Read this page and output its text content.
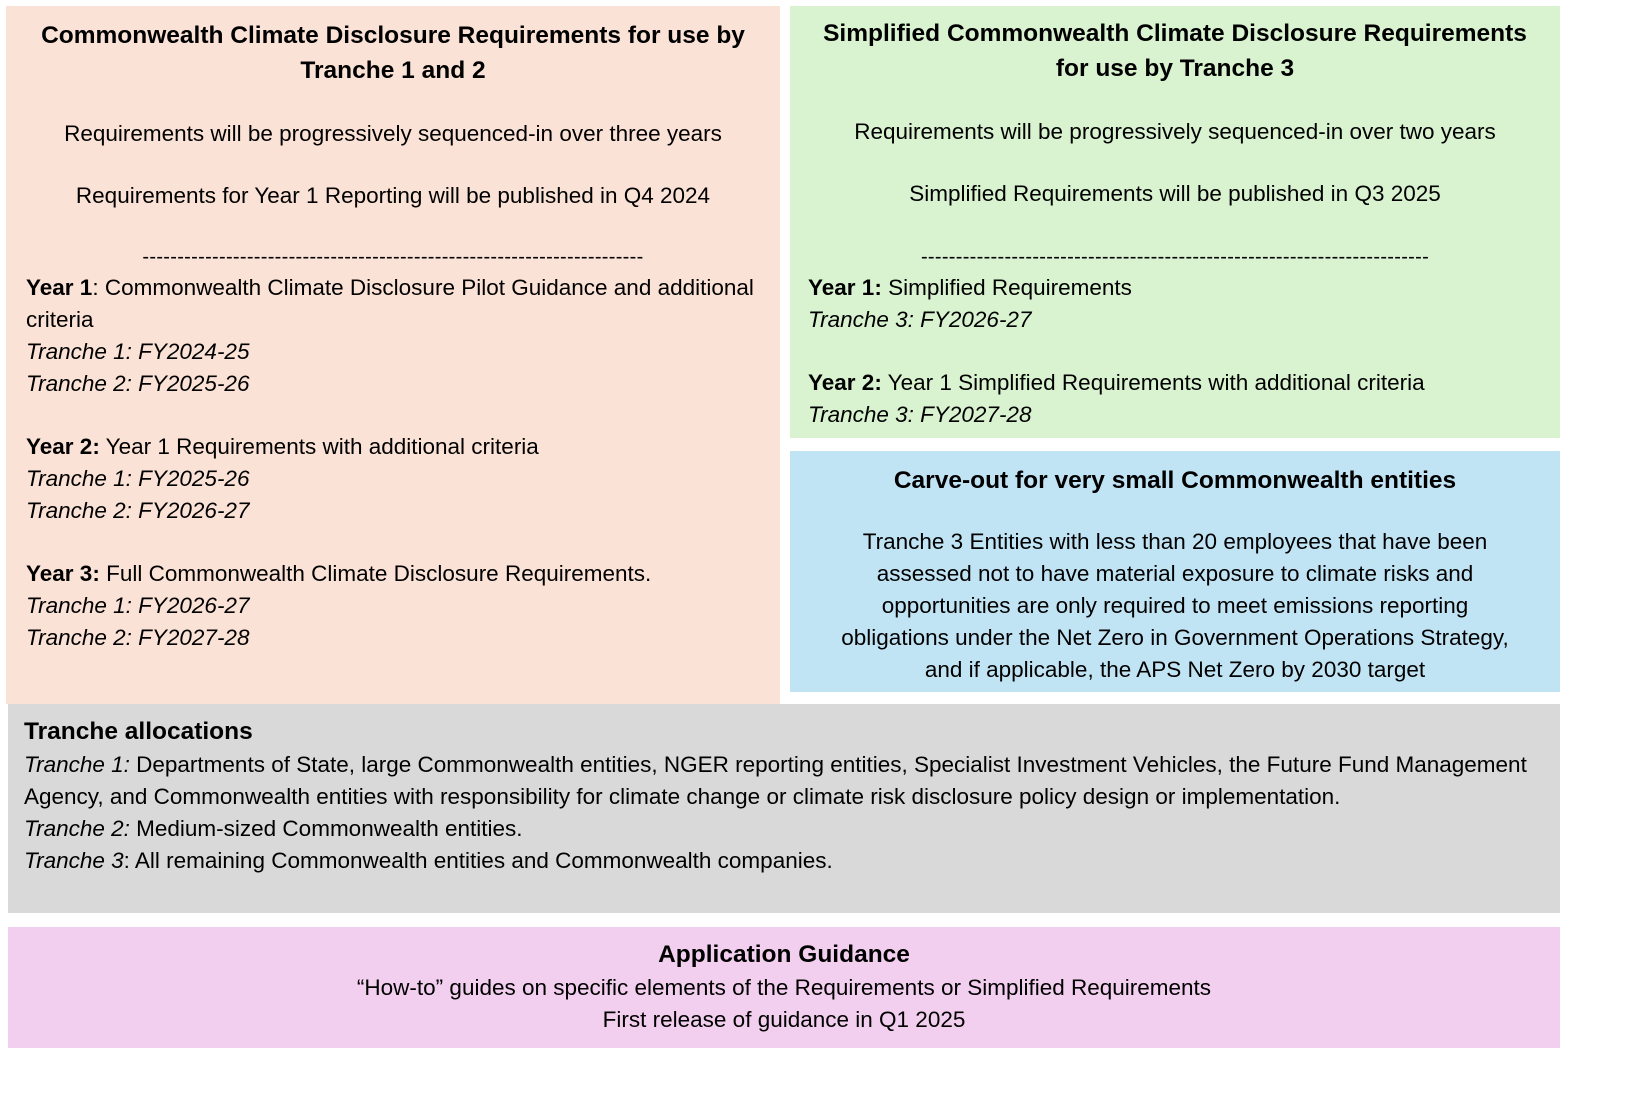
Commonwealth Climate Disclosure Requirements for use by Tranche 1 and 2
Requirements will be progressively sequenced-in over three years
Requirements for Year 1 Reporting will be published in Q4 2024
------------------------------------------------------------------------
Year 1: Commonwealth Climate Disclosure Pilot Guidance and additional criteria
Tranche 1: FY2024-25
Tranche 2: FY2025-26
Year 2: Year 1 Requirements with additional criteria
Tranche 1: FY2025-26
Tranche 2: FY2026-27
Year 3: Full Commonwealth Climate Disclosure Requirements.
Tranche 1: FY2026-27
Tranche 2: FY2027-28
Simplified Commonwealth Climate Disclosure Requirements for use by Tranche 3
Requirements will be progressively sequenced-in over two years
Simplified Requirements will be published in Q3 2025
-------------------------------------------------------------------------
Year 1: Simplified Requirements
Tranche 3: FY2026-27
Year 2: Year 1 Simplified Requirements with additional criteria
Tranche 3: FY2027-28
Carve-out for very small Commonwealth entities
Tranche 3 Entities with less than 20 employees that have been assessed not to have material exposure to climate risks and opportunities are only required to meet emissions reporting obligations under the Net Zero in Government Operations Strategy, and if applicable, the APS Net Zero by 2030 target
Tranche allocations
Tranche 1: Departments of State, large Commonwealth entities, NGER reporting entities, Specialist Investment Vehicles, the Future Fund Management Agency, and Commonwealth entities with responsibility for climate change or climate risk disclosure policy design or implementation.
Tranche 2: Medium-sized Commonwealth entities.
Tranche 3: All remaining Commonwealth entities and Commonwealth companies.
Application Guidance
“How-to” guides on specific elements of the Requirements or Simplified Requirements
First release of guidance in Q1 2025
